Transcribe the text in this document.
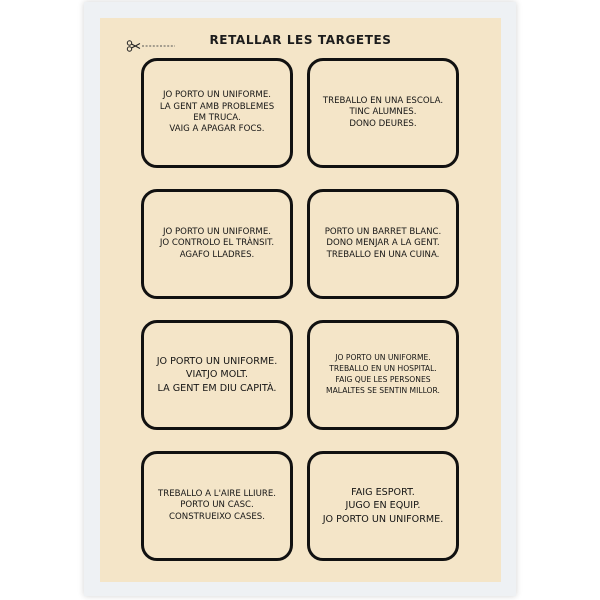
RETALLAR LES TARGETES
JO PORTO UN UNIFORME.
LA GENT AMB PROBLEMES
EM TRUCA.
VAIG A APAGAR FOCS.
TREBALLO EN UNA ESCOLA.
TINC ALUMNES.
DONO DEURES.
JO PORTO UN UNIFORME.
JO CONTROLO EL TRÀNSIT.
AGAFO LLADRES.
PORTO UN BARRET BLANC.
DONO MENJAR A LA GENT.
TREBALLO EN UNA CUINA.
JO PORTO UN UNIFORME.
VIATJO MOLT.
LA GENT EM DIU CAPITÀ.
JO PORTO UN UNIFORME.
TREBALLO EN UN HOSPITAL.
FAIG QUE LES PERSONES
MALALTES SE SENTIN MILLOR.
TREBALLO A L'AIRE LLIURE.
PORTO UN CASC.
CONSTRUEIXO CASES.
FAIG ESPORT.
JUGO EN EQUIP.
JO PORTO UN UNIFORME.
